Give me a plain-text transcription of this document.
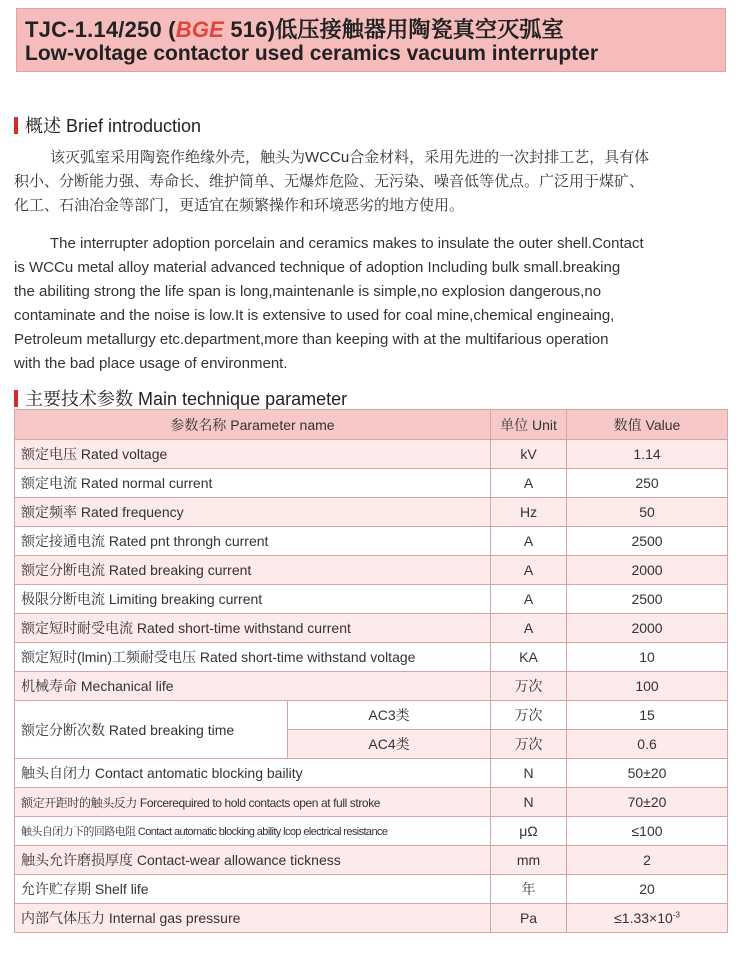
TJC-1.14/250 (BGE 516)低压接触器用陶瓷真空灭弧室
Low-voltage contactor used ceramics vacuum interrupter
概述 Brief introduction
该灭弧室采用陶瓷作绝缘外壳，触头为WCCu合金材料，采用先进的一次封排工艺，具有体
积小、分断能力强、寿命长、维护简单、无爆炸危险、无污染、噪音低等优点。广泛用于煤矿、
化工、石油冶金等部门，更适宜在频繁操作和环境恶劣的地方使用。
The interrupter adoption porcelain and ceramics makes to insulate the outer shell.Contact
is WCCu metal alloy material advanced technique of adoption Including bulk small.breaking
the abiliting strong the life span is long,maintenanle is simple,no explosion dangerous,no
contaminate and the noise is low.It is extensive to used for coal mine,chemical engineaing,
Petroleum metallurgy etc.department,more than keeping with at the multifarious operation
with the bad place usage of environment.
主要技术参数 Main technique parameter
参数名称 Parameter name		单位 Unit	数值 Value
额定电压 Rated voltage		kV	1.14
额定电流 Rated normal current		A	250
额定频率 Rated frequency		Hz	50
额定接通电流 Rated pnt throngh current		A	2500
额定分断电流 Rated breaking current		A	2000
极限分断电流 Limiting breaking current		A	2500
额定短时耐受电流 Rated short-time withstand current		A	2000
额定短时(lmin)工频耐受电压 Rated short-time withstand voltage		KA	10
机械寿命 Mechanical life		万次	100
额定分断次数 Rated breaking time	AC3类	万次	15
	AC4类	万次	0.6
触头自闭力 Contact antomatic blocking baility		N	50±20
额定开距时的触头反力 Forcerequired to hold contacts open at full stroke		N	70±20
触头自闭力下的回路电阻 Contact automatic blocking ability lcop electrical resistance		μΩ	≤100
触头允许磨损厚度 Contact-wear allowance tickness		mm	2
允许贮存期 Shelf life		年	20
内部气体压力 Internal gas pressure		Pa	$\le 1.33\times 10^{-3}$
